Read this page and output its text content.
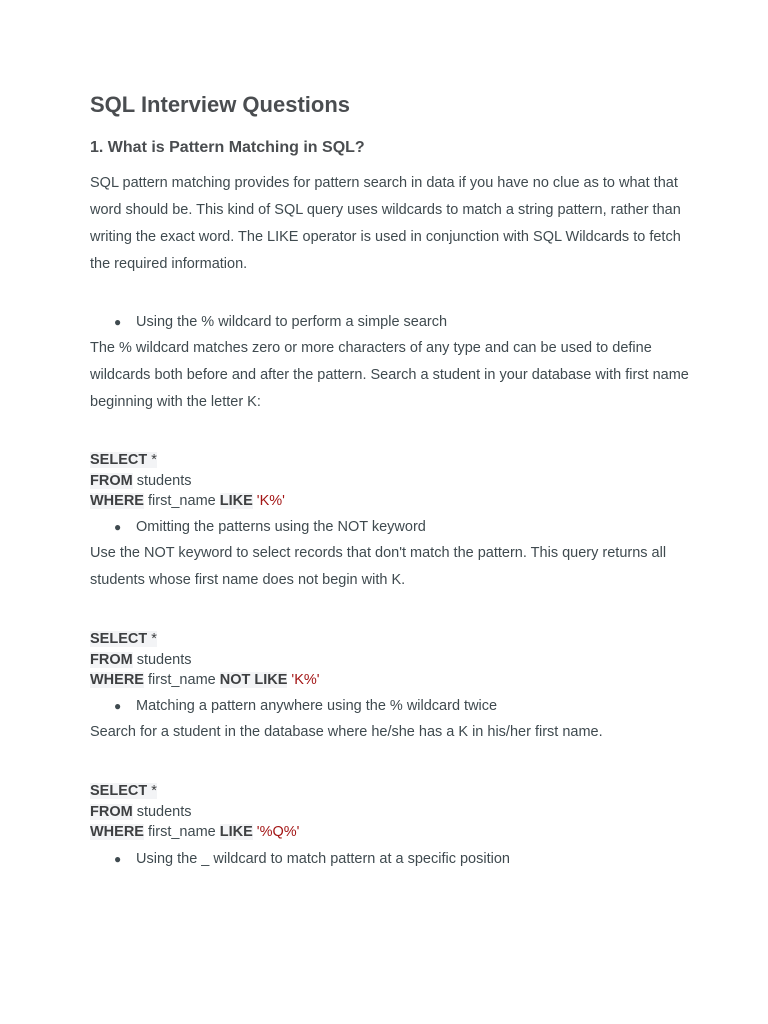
SQL Interview Questions
1. What is Pattern Matching in SQL?

SQL pattern matching provides for pattern search in data if you have no clue as to what that word should be. This kind of SQL query uses wildcards to match a string pattern, rather than writing the exact word. The LIKE operator is used in conjunction with SQL Wildcards to fetch the required information.

● Using the % wildcard to perform a simple search

The % wildcard matches zero or more characters of any type and can be used to define wildcards both before and after the pattern. Search a student in your database with first name beginning with the letter K:

SELECT *
FROM students
WHERE first_name LIKE 'K%'
● Omitting the patterns using the NOT keyword

Use the NOT keyword to select records that don't match the pattern. This query returns all students whose first name does not begin with K.

SELECT *
FROM students
WHERE first_name NOT LIKE 'K%'
● Matching a pattern anywhere using the % wildcard twice

Search for a student in the database where he/she has a K in his/her first name.

SELECT *
FROM students
WHERE first_name LIKE '%Q%'
● Using the _ wildcard to match pattern at a specific position
